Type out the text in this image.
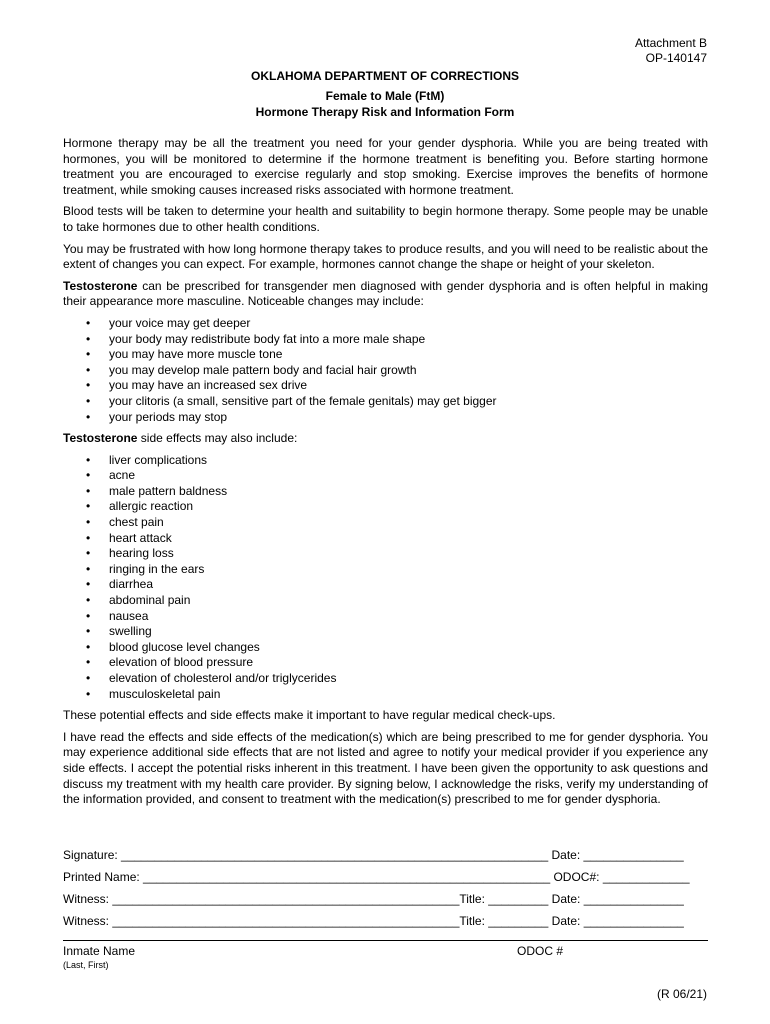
Attachment B
OP-140147
OKLAHOMA DEPARTMENT OF CORRECTIONS
Female to Male (FtM)
Hormone Therapy Risk and Information Form

Hormone therapy may be all the treatment you need for your gender dysphoria. While you are being treated with hormones, you will be monitored to determine if the hormone treatment is benefiting you. Before starting hormone treatment you are encouraged to exercise regularly and stop smoking. Exercise improves the benefits of hormone treatment, while smoking causes increased risks associated with hormone treatment.

Blood tests will be taken to determine your health and suitability to begin hormone therapy. Some people may be unable to take hormones due to other health conditions.

You may be frustrated with how long hormone therapy takes to produce results, and you will need to be realistic about the extent of changes you can expect. For example, hormones cannot change the shape or height of your skeleton.

Testosterone can be prescribed for transgender men diagnosed with gender dysphoria and is often helpful in making their appearance more masculine. Noticeable changes may include:

• your voice may get deeper
• your body may redistribute body fat into a more male shape
• you may have more muscle tone
• you may develop male pattern body and facial hair growth
• you may have an increased sex drive
• your clitoris (a small, sensitive part of the female genitals) may get bigger
• your periods may stop

Testosterone side effects may also include:

• liver complications
• acne
• male pattern baldness
• allergic reaction
• chest pain
• heart attack
• hearing loss
• ringing in the ears
• diarrhea
• abdominal pain
• nausea
• swelling
• blood glucose level changes
• elevation of blood pressure
• elevation of cholesterol and/or triglycerides
• musculoskeletal pain

These potential effects and side effects make it important to have regular medical check-ups.

I have read the effects and side effects of the medication(s) which are being prescribed to me for gender dysphoria. You may experience additional side effects that are not listed and agree to notify your medical provider if you experience any side effects. I accept the potential risks inherent in this treatment. I have been given the opportunity to ask questions and discuss my treatment with my health care provider. By signing below, I acknowledge the risks, verify my understanding of the information provided, and consent to treatment with the medication(s) prescribed to me for gender dysphoria.

Signature: ________________________________________________________________ Date: _______________
Printed Name: _____________________________________________________________ ODOC#: _____________
Witness: ____________________________________________________Title: _________ Date: _______________
Witness: ____________________________________________________Title: _________ Date: _______________
Inmate Name
(Last, First)
ODOC #
(R 06/21)
